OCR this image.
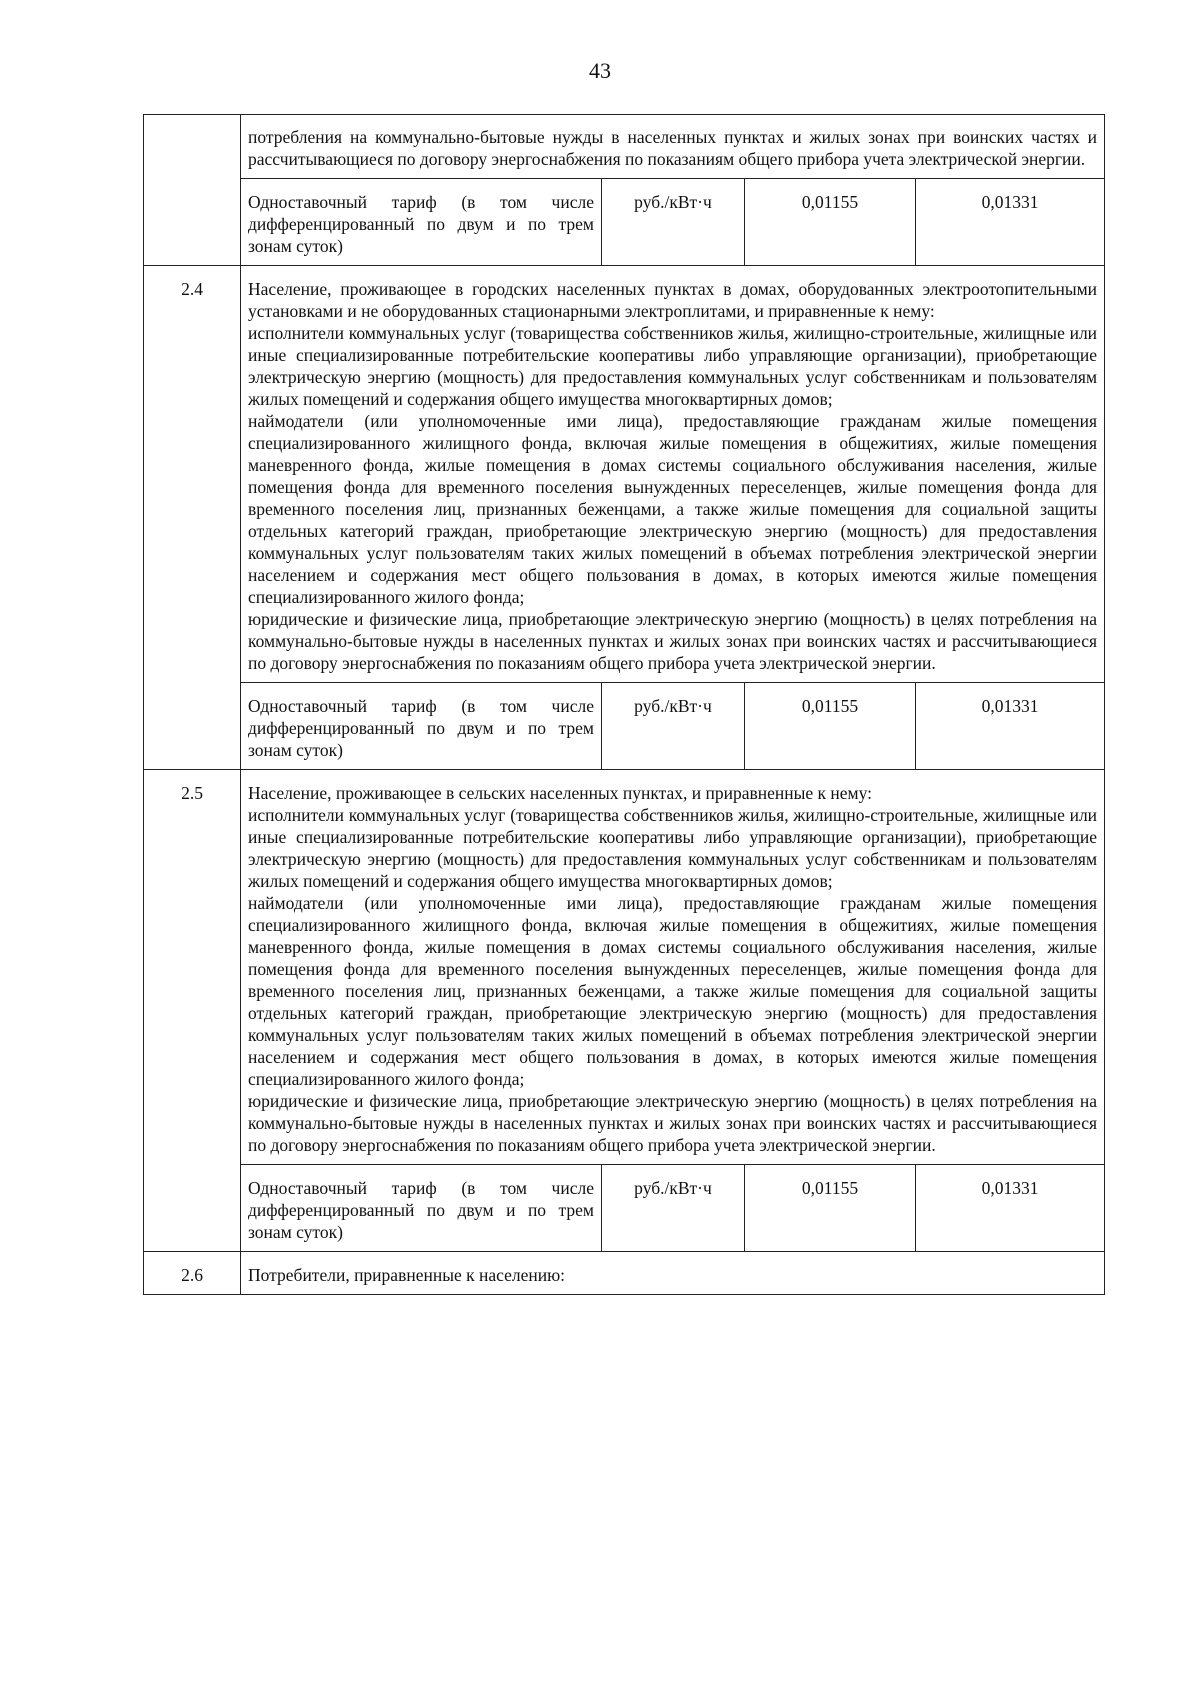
43

	потребления на коммунально-бытовые нужды в населенных пунктах и жилых зонах при воинских частях и рассчитывающиеся по договору энергоснабжения по показаниям общего прибора учета электрической энергии.			

	Одноставочный тариф (в том числе дифференцированный по двум и по трем зонам суток)	руб./кВт·ч	0,01155	0,01331
2.4	Население, проживающее в городских населенных пунктах в домах, оборудованных электроотопительными установками и не оборудованных стационарными электроплитами, и приравненные к нему:

исполнители коммунальных услуг (товарищества собственников жилья, жилищно-строительные, жилищные или иные специализированные потребительские кооперативы либо управляющие организации), приобретающие электрическую энергию (мощность) для предоставления коммунальных услуг собственникам и пользователям жилых помещений и содержания общего имущества многоквартирных домов;

наймодатели (или уполномоченные ими лица), предоставляющие гражданам жилые помещения специализированного жилищного фонда, включая жилые помещения в общежитиях, жилые помещения маневренного фонда, жилые помещения в домах системы социального обслуживания населения, жилые помещения фонда для временного поселения вынужденных переселенцев, жилые помещения фонда для временного поселения лиц, признанных беженцами, а также жилые помещения для социальной защиты отдельных категорий граждан, приобретающие электрическую энергию (мощность) для предоставления коммунальных услуг пользователям таких жилых помещений в объемах потребления электрической энергии населением и содержания мест общего пользования в домах, в которых имеются жилые помещения специализированного жилого фонда;

юридические и физические лица, приобретающие электрическую энергию (мощность) в целях потребления на коммунально-бытовые нужды в населенных пунктах и жилых зонах при воинских частях и рассчитывающиеся по договору энергоснабжения по показаниям общего прибора учета электрической энергии.			

	Одноставочный тариф (в том числе дифференцированный по двум и по трем зонам суток)	руб./кВт·ч	0,01155	0,01331
2.5	Население, проживающее в сельских населенных пунктах, и приравненные к нему:

исполнители коммунальных услуг (товарищества собственников жилья, жилищно-строительные, жилищные или иные специализированные потребительские кооперативы либо управляющие организации), приобретающие электрическую энергию (мощность) для предоставления коммунальных услуг собственникам и пользователям жилых помещений и содержания общего имущества многоквартирных домов;

наймодатели (или уполномоченные ими лица), предоставляющие гражданам жилые помещения специализированного жилищного фонда, включая жилые помещения в общежитиях, жилые помещения маневренного фонда, жилые помещения в домах системы социального обслуживания населения, жилые помещения фонда для временного поселения вынужденных переселенцев, жилые помещения фонда для временного поселения лиц, признанных беженцами, а также жилые помещения для социальной защиты отдельных категорий граждан, приобретающие электрическую энергию (мощность) для предоставления коммунальных услуг пользователям таких жилых помещений в объемах потребления электрической энергии населением и содержания мест общего пользования в домах, в которых имеются жилые помещения специализированного жилого фонда;

юридические и физические лица, приобретающие электрическую энергию (мощность) в целях потребления на коммунально-бытовые нужды в населенных пунктах и жилых зонах при воинских частях и рассчитывающиеся по договору энергоснабжения по показаниям общего прибора учета электрической энергии.			

	Одноставочный тариф (в том числе дифференцированный по двум и по трем зонам суток)	руб./кВт·ч	0,01155	0,01331
2.6	Потребители, приравненные к населению:			
